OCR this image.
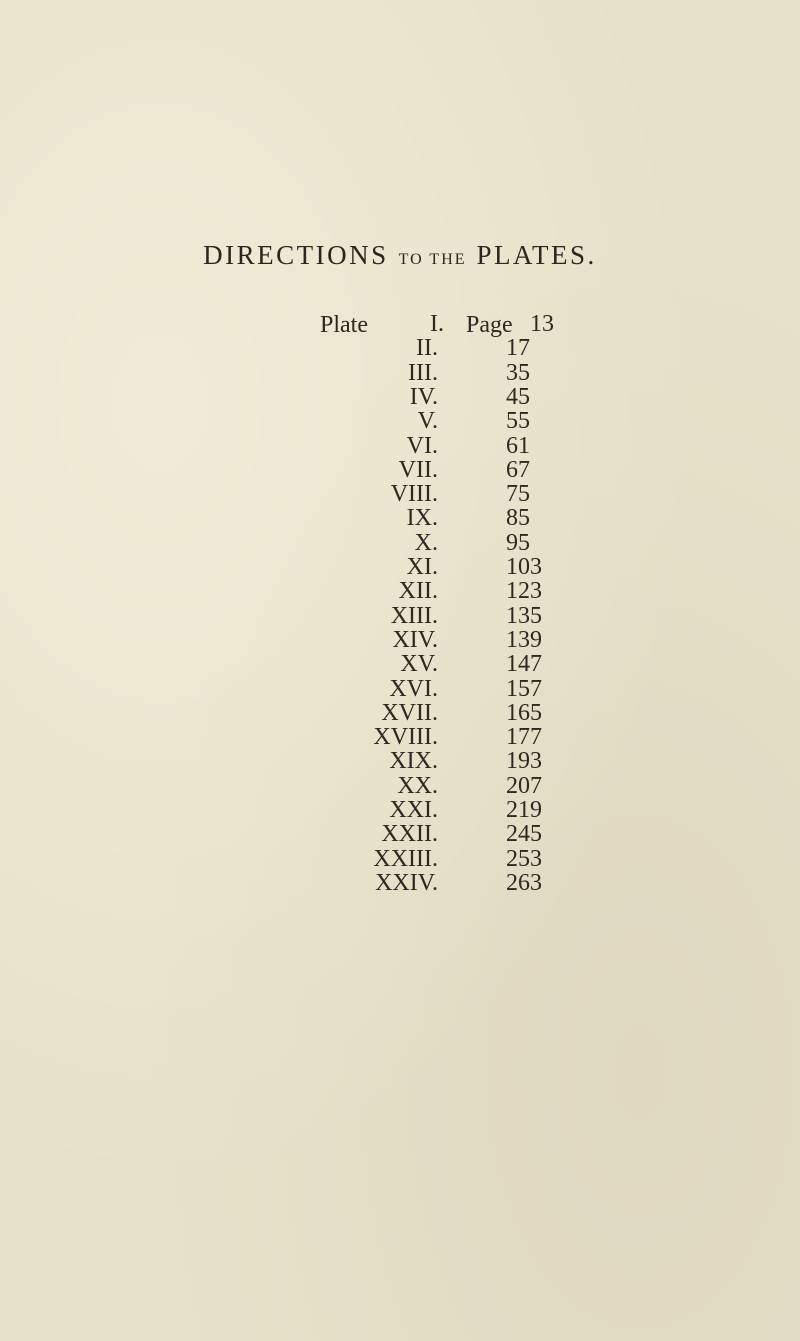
DIRECTIONS TO THE PLATES.
Plate	Page
I.	13
II.	17
III.	35
IV.	45
V.	55
VI.	61
VII.	67
VIII.	75
IX.	85
X.	95
XI.	103
XII.	123
XIII.	135
XIV.	139
XV.	147
XVI.	157
XVII.	165
XVIII.	177
XIX.	193
XX.	207
XXI.	219
XXII.	245
XXIII.	253
XXIV.	263
